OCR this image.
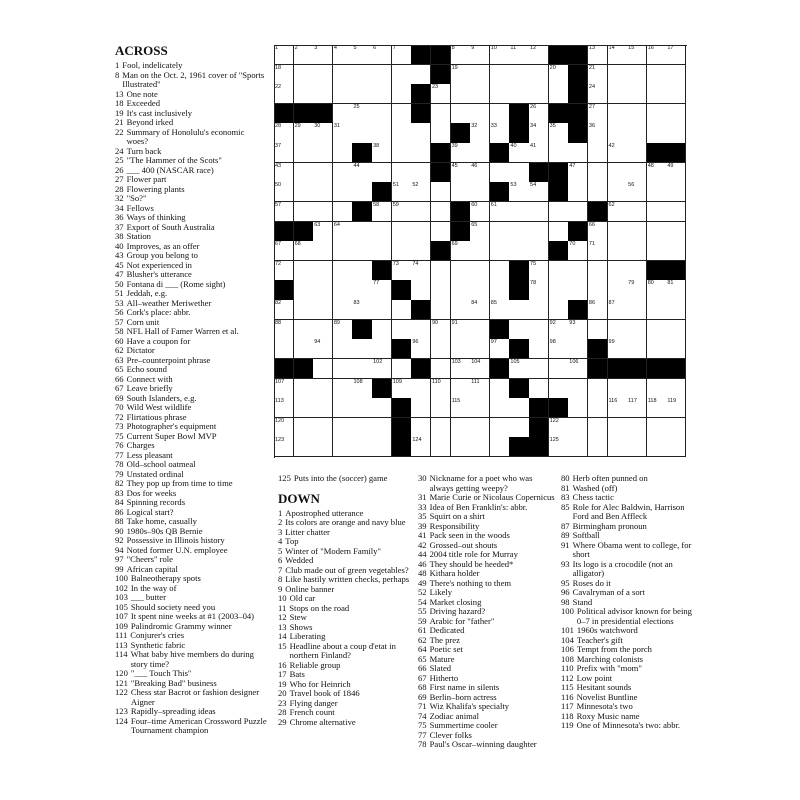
ACROSS
1 Fool, indelicately
8 Man on the Oct. 2, 1961 cover of "Sports Illustrated"
13 One note
18 Exceeded
19 It's cast inclusively
21 Beyond irked
22 Summary of Honolulu's economic woes?
24 Turn back
25 "The Hammer of the Scots"
26 ___ 400 (NASCAR race)
27 Flower part
28 Flowering plants
32 "So?"
34 Fellows
36 Ways of thinking
37 Export of South Australia
38 Station
40 Improves, as an offer
43 Group you belong to
45 Not experienced in
47 Blusher's utterance
50 Fontana di ___ (Rome sight)
51 Jeddah, e.g.
53 All–weather Meriwether
56 Cork's place: abbr.
57 Corn unit
58 NFL Hall of Famer Warren et al.
60 Have a coupon for
62 Dictator
63 Pre–counterpoint phrase
65 Echo sound
66 Connect with
67 Leave briefly
69 South Islanders, e.g.
70 Wild West wildlife
72 Flirtatious phrase
73 Photographer's equipment
75 Current Super Bowl MVP
76 Charges
77 Less pleasant
78 Old–school oatmeal
79 Unstated ordinal
82 They pop up from time to time
83 Dos for weeks
84 Spinning records
86 Logical start?
88 Take home, casually
90 1980s–90s QB Bernie
92 Possessive in Illinois history
94 Noted former U.N. employee
97 "Cheers" role
99 African capital
100 Balneotherapy spots
102 In the way of
103 ___ butter
105 Should society need you
107 It spent nine weeks at #1 (2003–04)
109 Palindromic Grammy winner
111 Conjurer's cries
113 Synthetic fabric
114 What baby hive members do during story time?
120 "___ Touch This"
121 "Breaking Bad" business
122 Chess star Bacrot or fashion designer Aigner
123 Rapidly–spreading ideas
124 Four–time American Crossword Puzzle Tournament champion
125 Puts into the (soccer) game
DOWN
1 Apostrophed utterance
2 Its colors are orange and navy blue
3 Litter chatter
4 Top
5 Winter of "Modern Family"
6 Wedded
7 Club made out of green vegetables?
8 Like hastily written checks, perhaps
9 Online banner
10 Old car
11 Stops on the road
12 Stew
13 Shows
14 Liberating
15 Headline about a coup d'etat in northern Finland?
16 Reliable group
17 Bats
19 Who for Heinrich
20 Travel book of 1846
23 Flying danger
28 French count
29 Chrome alternative
30 Nickname for a poet who was always getting weepy?
31 Marie Curie or Nicolaus Copernicus
33 Idea of Ben Franklin's: abbr.
35 Squirt on a shirt
39 Responsibility
41 Pack seen in the woods
42 Grossed–out shouts
44 2004 title role for Murray
46 They should be heeded*
48 Kithara holder
49 There's nothing to them
52 Likely
54 Market closing
55 Driving hazard?
59 Arabic for "father"
61 Dedicated
62 The prez
64 Poetic set
65 Mature
66 Slated
67 Hitherto
68 First name in silents
69 Berlin–born actress
71 Wiz Khalifa's specialty
74 Zodiac animal
75 Summertime cooler
77 Clever folks
78 Paul's Oscar–winning daughter
80 Herb often punned on
81 Washed (off)
83 Chess tactic
85 Role for Alec Baldwin, Harrison Ford and Ben Affleck
87 Birmingham pronoun
89 Softball
91 Where Obama went to college, for short
93 Its logo is a crocodile (not an alligator)
95 Roses do it
96 Cavalryman of a sort
98 Stand
100 Political advisor known for being 0–7 in presidential elections
101 1960s watchword
104 Teacher's gift
106 Tempt from the porch
108 Marching colonists
110 Prefix with "mom"
112 Low point
115 Hesitant sounds
116 Novelist Buntline
117 Minnesota's two
118 Roxy Music name
119 One of Minnesota's two: abbr.
1	2	3	4	5	6	7	8	9	10 11	12	13 14 15 16 17
18	19	20	21
22	23	24
25	26	27
28 29 30 31	32 33	34 35	36
37	38	39	40 41	42
43	44	45 46	47	48 49
50	51 52	53 54	56
57	58 59	60 61	62
63 64	65	66
67 68	69	70 71
72	73 74	75
77	78	79 80 81
82	83	84 85	86 87
88	89	90 91	92 93
94	96	97	98	99
102	103 104	105	106
107	108	109	110	111
113	115	116 117 118 119
120	122
123	124	125
